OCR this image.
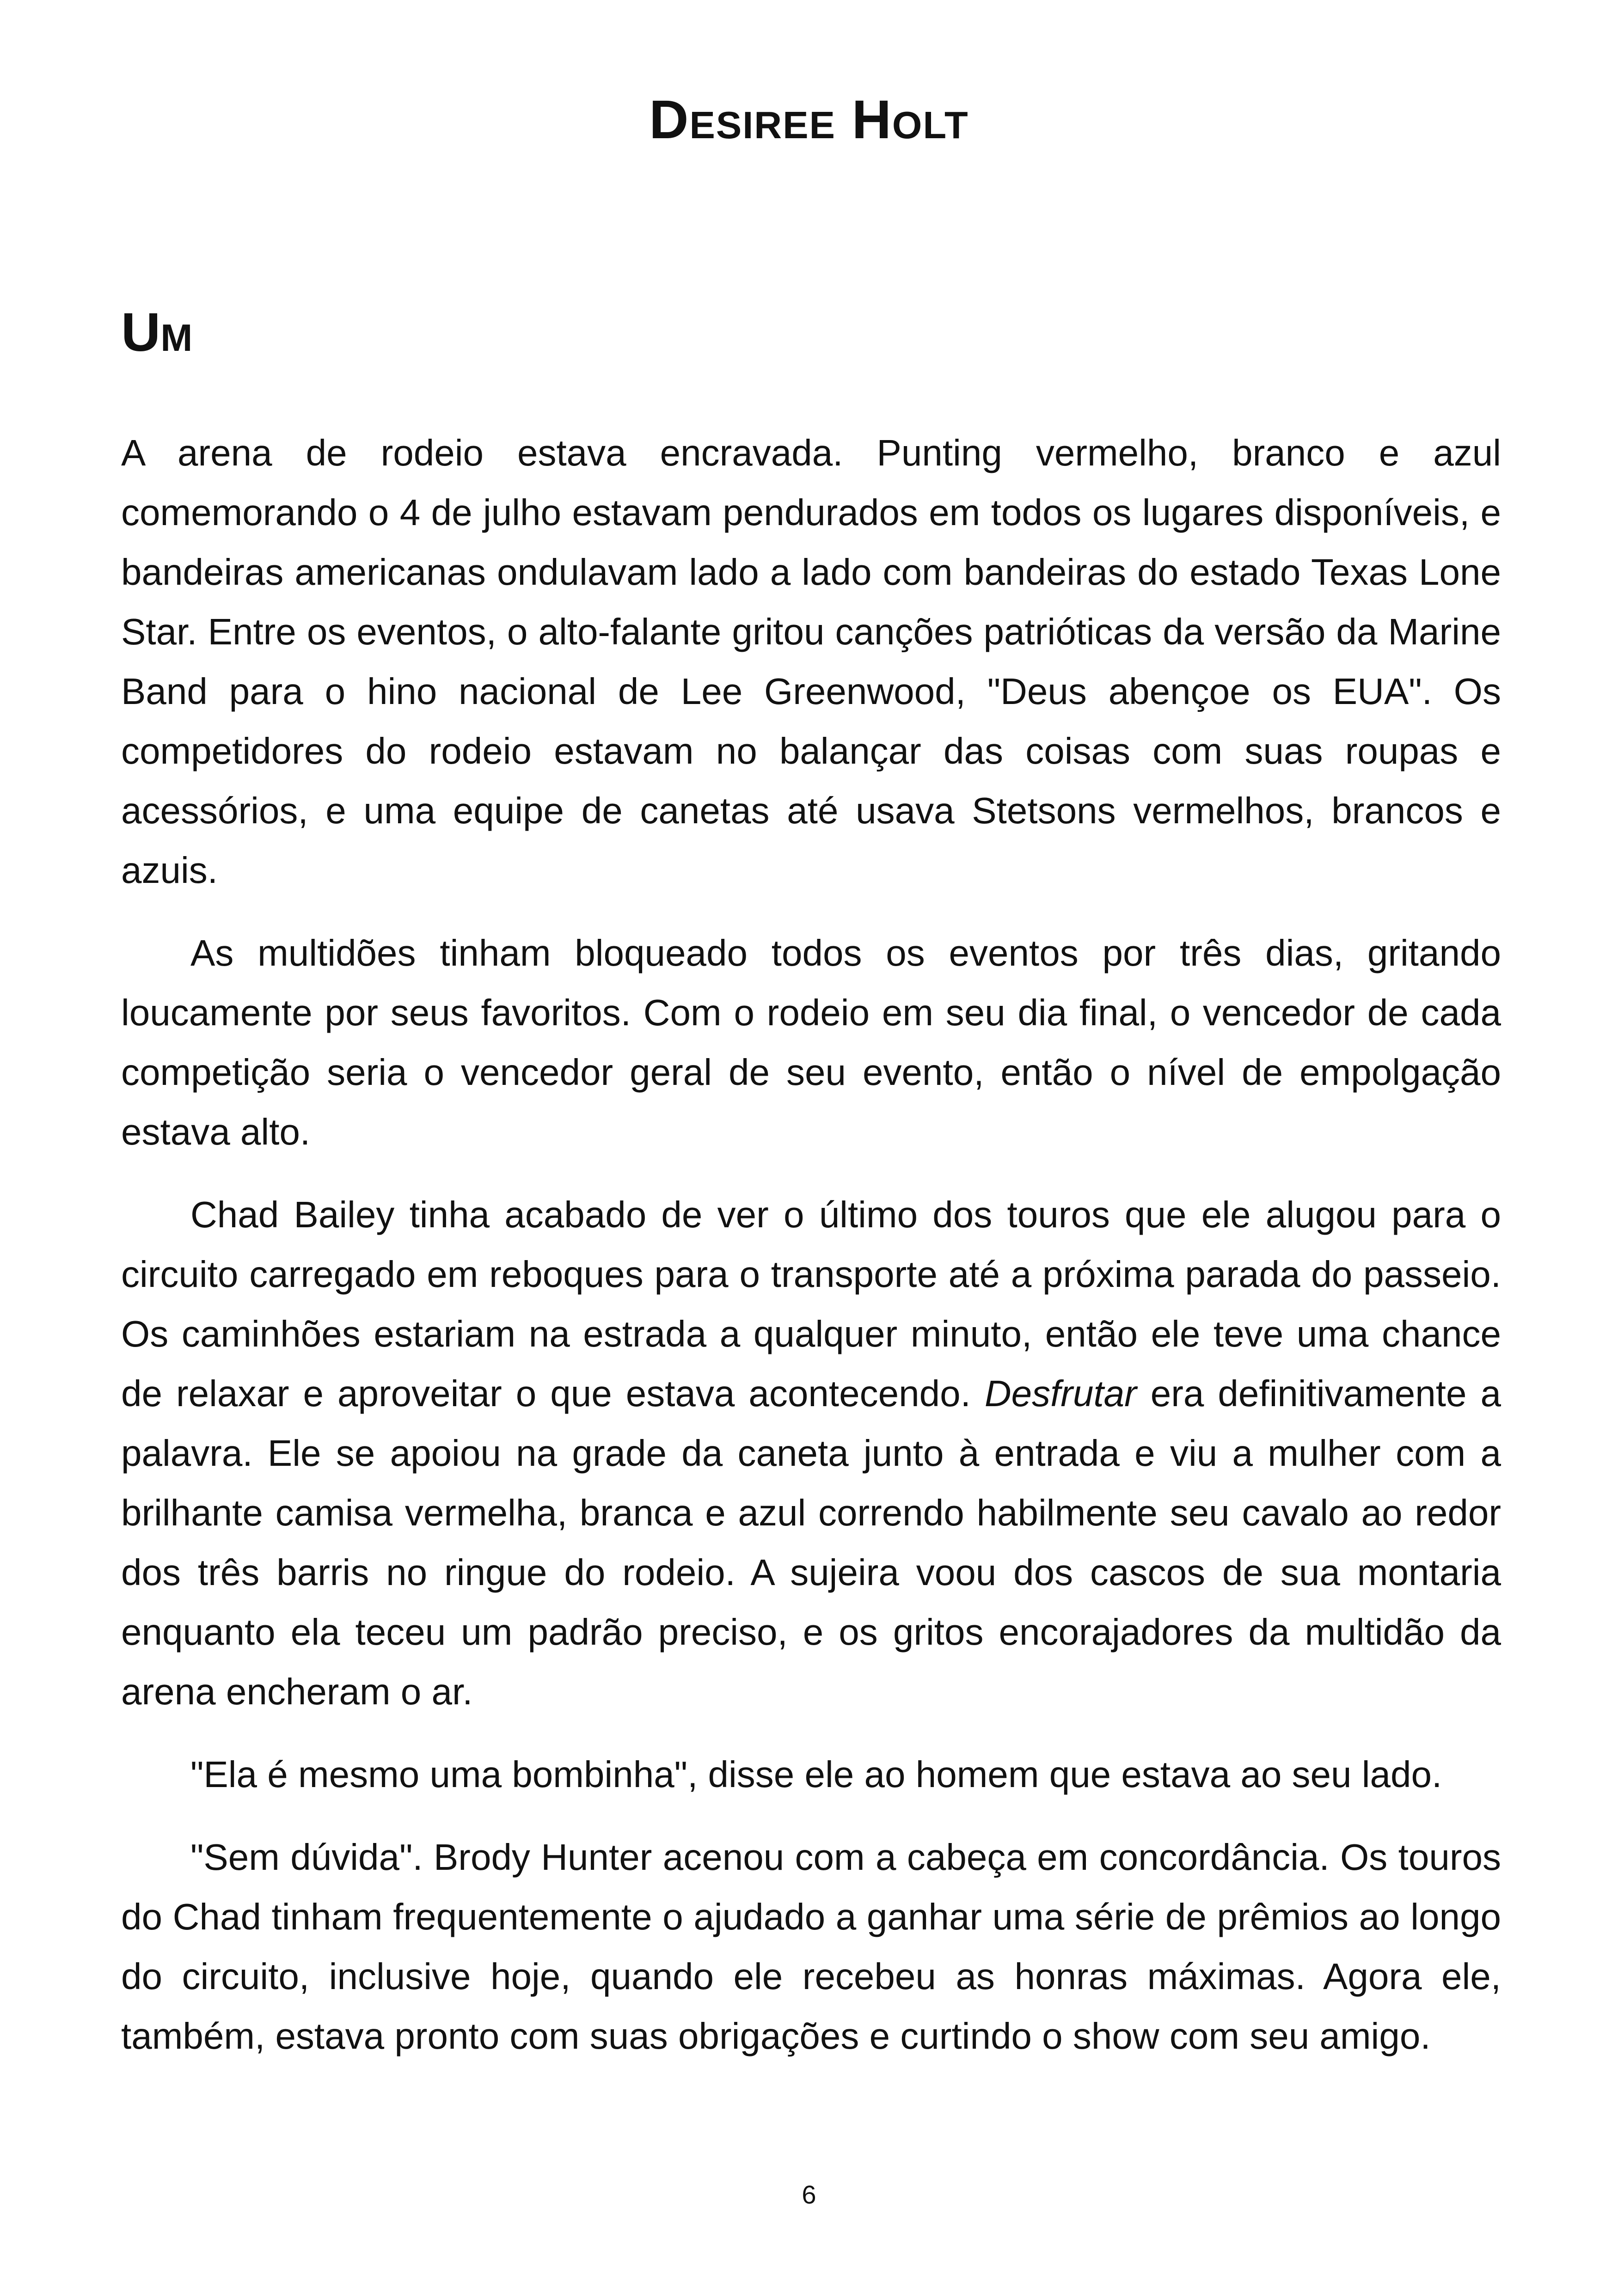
Desiree Holt
Um

A arena de rodeio estava encravada. Punting vermelho, branco e azul comemorando o 4 de julho estavam pendurados em todos os lugares disponíveis, e bandeiras americanas ondulavam lado a lado com bandeiras do estado Texas Lone Star. Entre os eventos, o alto-falante gritou canções patrióticas da versão da Marine Band para o hino nacional de Lee Greenwood, "Deus abençoe os EUA". Os competidores do rodeio estavam no balançar das coisas com suas roupas e acessórios, e uma equipe de canetas até usava Stetsons vermelhos, brancos e azuis.

As multidões tinham bloqueado todos os eventos por três dias, gritando loucamente por seus favoritos. Com o rodeio em seu dia final, o vencedor de cada competição seria o vencedor geral de seu evento, então o nível de empolgação estava alto.

Chad Bailey tinha acabado de ver o último dos touros que ele alugou para o circuito carregado em reboques para o transporte até a próxima parada do passeio. Os caminhões estariam na estrada a qualquer minuto, então ele teve uma chance de relaxar e aproveitar o que estava acontecendo. Desfrutar era definitivamente a palavra. Ele se apoiou na grade da caneta junto à entrada e viu a mulher com a brilhante camisa vermelha, branca e azul correndo habilmente seu cavalo ao redor dos três barris no ringue do rodeio. A sujeira voou dos cascos de sua montaria enquanto ela teceu um padrão preciso, e os gritos encorajadores da multidão da arena encheram o ar.

"Ela é mesmo uma bombinha", disse ele ao homem que estava ao seu lado.

"Sem dúvida". Brody Hunter acenou com a cabeça em concordância. Os touros do Chad tinham frequentemente o ajudado a ganhar uma série de prêmios ao longo do circuito, inclusive hoje, quando ele recebeu as honras máximas. Agora ele, também, estava pronto com suas obrigações e curtindo o show com seu amigo.

6
